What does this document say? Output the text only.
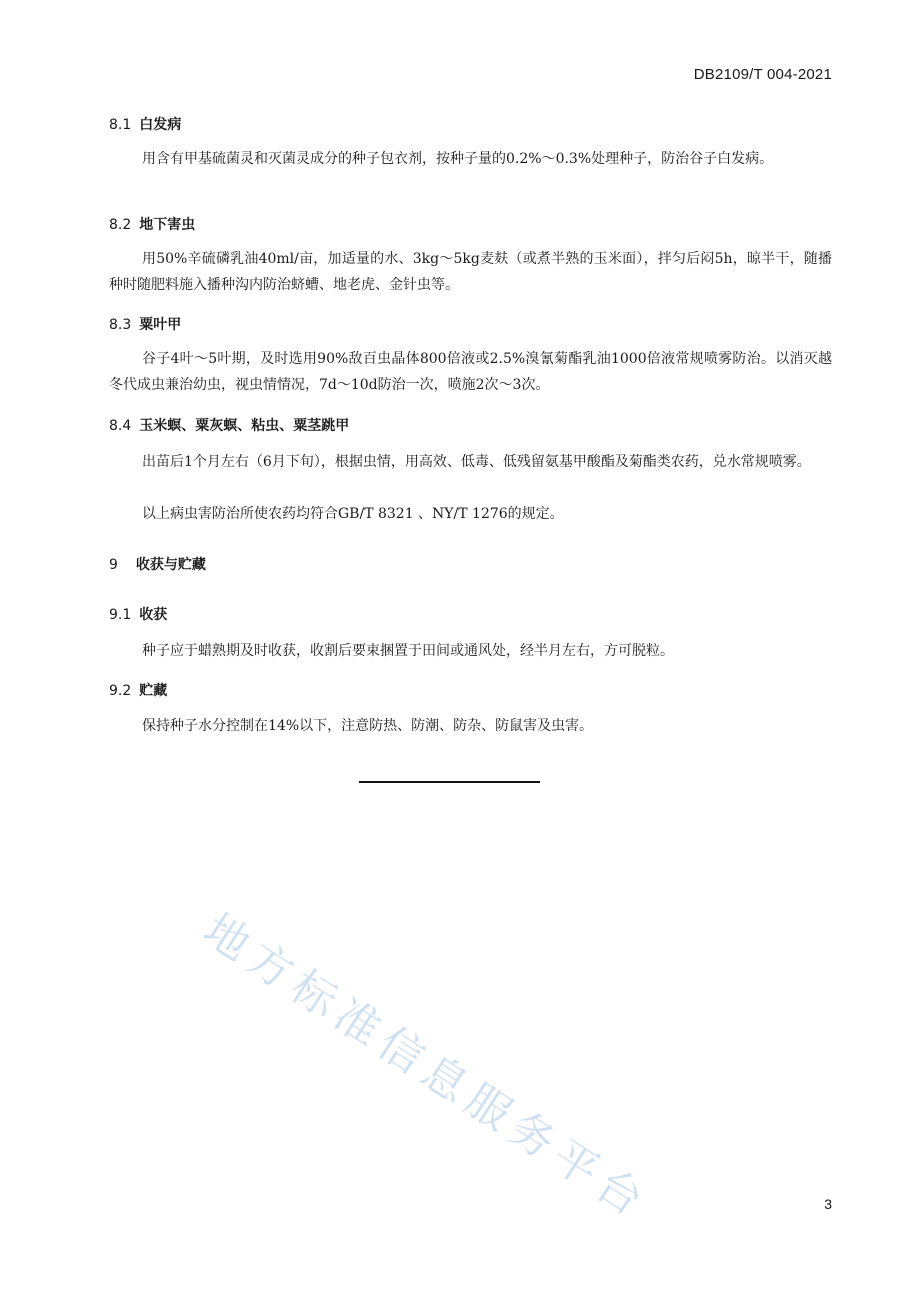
DB2109/T 004-2021
8.1 白发病
用含有甲基硫菌灵和灭菌灵成分的种子包衣剂，按种子量的0.2%～0.3%处理种子，防治谷子白发病。
8.2 地下害虫
用50%辛硫磷乳油40ml/亩，加适量的水、3kg～5kg麦麸（或煮半熟的玉米面），拌匀后闷5h，晾半干，随播种时随肥料施入播种沟内防治蛴螬、地老虎、金针虫等。
8.3 粟叶甲
谷子4叶～5叶期，及时选用90%敌百虫晶体800倍液或2.5%溴氰菊酯乳油1000倍液常规喷雾防治。以消灭越冬代成虫兼治幼虫，视虫情情况，7d～10d防治一次，喷施2次～3次。
8.4 玉米螟、粟灰螟、粘虫、粟茎跳甲
出苗后1个月左右（6月下旬），根据虫情，用高效、低毒、低残留氨基甲酸酯及菊酯类农药，兑水常规喷雾。
以上病虫害防治所使农药均符合GB/T 8321 、NY/T 1276的规定。
9 收获与贮藏
9.1 收获
种子应于蜡熟期及时收获，收割后要束捆置于田间或通风处，经半月左右，方可脱粒。
9.2 贮藏
保持种子水分控制在14%以下，注意防热、防潮、防杂、防鼠害及虫害。
地方标准信息服务平台	3
